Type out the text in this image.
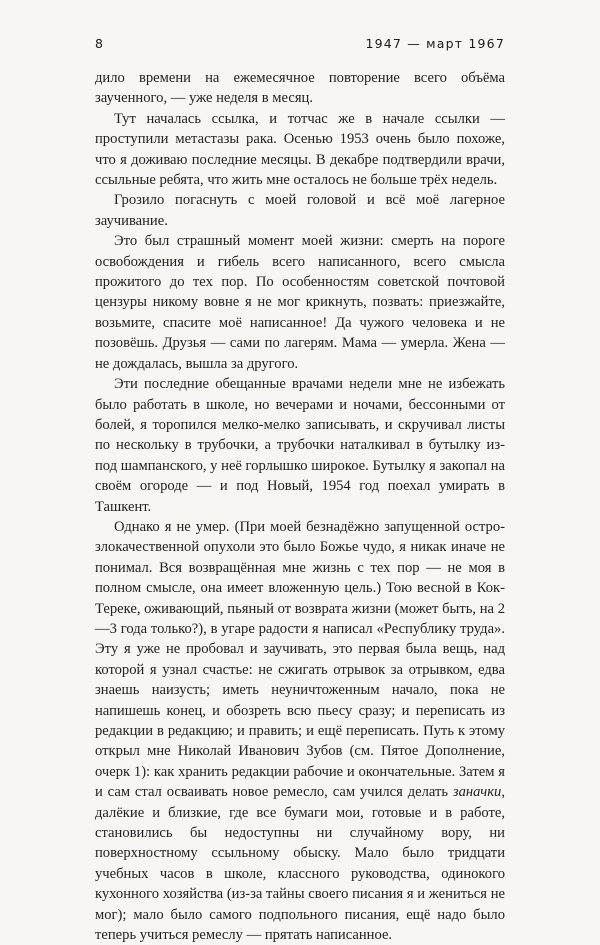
8	1947 — март 1967

дило времени на ежемесячное повторение всего объёма заученного, — уже неделя в месяц.

Тут началась ссылка, и тотчас же в начале ссылки — проступили метастазы рака. Осенью 1953 очень было похоже, что я доживаю последние месяцы. В декабре подтвердили врачи, ссыльные ребята, что жить мне осталось не больше трёх недель.

Грозило погаснуть с моей головой и всё моё лагерное заучивание.

Это был страшный момент моей жизни: смерть на пороге освобождения и гибель всего написанного, всего смысла прожитого до тех пор. По особенностям советской почтовой цензуры никому вовне я не мог крикнуть, позвать: приезжайте, возьмите, спасите моё написанное! Да чужого человека и не позовёшь. Друзья — сами по лагерям. Мама — умерла. Жена — не дождалась, вышла за другого.

Эти последние обещанные врачами недели мне не избежать было работать в школе, но вечерами и ночами, бессонными от болей, я торопился мелко-мелко записывать, и скручивал листы по нескольку в трубочки, а трубочки наталкивал в бутылку из-под шампанского, у неё горлышко широкое. Бутылку я закопал на своём огороде — и под Новый, 1954 год поехал умирать в Ташкент.

Однако я не умер. (При моей безнадёжно запущенной остро-злокачественной опухоли это было Божье чудо, я никак иначе не понимал. Вся возвращённая мне жизнь с тех пор — не моя в полном смысле, она имеет вложенную цель.) Тою весной в Кок-Тереке, оживающий, пьяный от возврата жизни (может быть, на 2—3 года только?), в угаре радости я написал «Республику труда». Эту я уже не пробовал и заучивать, это первая была вещь, над которой я узнал счастье: не сжигать отрывок за отрывком, едва знаешь наизусть; иметь неуничтоженным начало, пока не напишешь конец, и обозреть всю пьесу сразу; и переписать из редакции в редакцию; и править; и ещё переписать. Путь к этому открыл мне Николай Иванович Зубов (см. Пятое Дополнение, очерк 1): как хранить редакции рабочие и окончательные. Затем я и сам стал осваивать новое ремесло, сам учился делать заначки, далёкие и близкие, где все бумаги мои, готовые и в работе, становились бы недоступны ни случайному вору, ни поверхностному ссыльному обыску. Мало было тридцати учебных часов в школе, классного руководства, одинокого кухонного хозяйства (из-за тайны своего писания я и жениться не мог); мало было самого подпольного писания, ещё надо было теперь учиться ремеслу — прятать написанное.
